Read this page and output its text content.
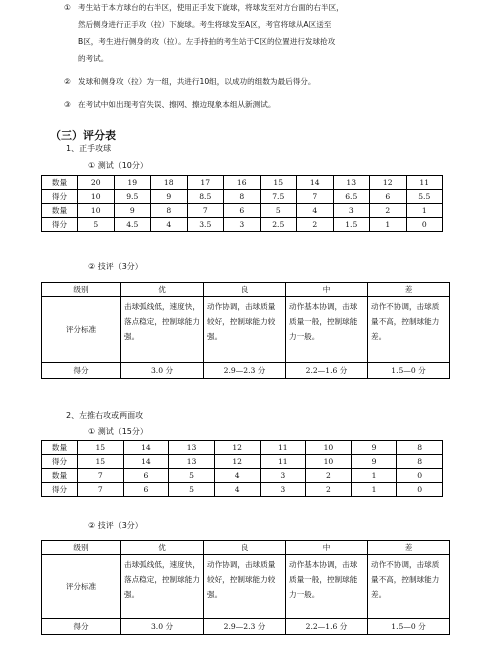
① 考生站于本方球台的右半区，使用正手发下旋球，将球发至对方台面的右半区，
然后侧身进行正手攻（拉）下旋球。考生将球发至A区，考官将球从A区送至
B区，考生进行侧身的攻（拉）。左手持拍的考生站于C区的位置进行发球抢攻
的考试。
② 发球和侧身攻（拉）为一组，共进行10组，以成功的组数为最后得分。
③ 在考试中如出现考官失误、擦网、擦边现象本组从新测试。
（三）评分表
1、正手攻球
① 测试（10分）
数量	20	19	18	17	16	15	14	13	12	11
得分	10	9.5	9	8.5	8	7.5	7	6.5	6	5.5
数量	10	9	8	7	6	5	4	3	2	1
得分	5	4.5	4	3.5	3	2.5	2	1.5	1	0
② 技评（3分）
级别	优	良	中	差
评分标准	击球弧线低，速度快，落点稳定，控制球能力强。	动作协调，击球质量较好，控制球能力较强。	动作基本协调，击球质量一般，控制球能力一般。	动作不协调，击球质量不高，控制球能力差。
得分	3.0 分	2.9—2.3 分	2.2—1.6 分	1.5—0 分
2、左推右攻或两面攻
① 测试（15分）
数量	15	14	13	12	11	10	9	8
得分	15	14	13	12	11	10	9	8
数量	7	6	5	4	3	2	1	0
得分	7	6	5	4	3	2	1	0
② 技评（3分）
级别	优	良	中	差
评分标准	击球弧线低，速度快，落点稳定，控制球能力强。	动作协调，击球质量较好，控制球能力较强。	动作基本协调，击球质量一般，控制球能力一般。	动作不协调，击球质量不高，控制球能力差。
得分	3.0 分	2.9—2.3 分	2.2—1.6 分	1.5—0 分
